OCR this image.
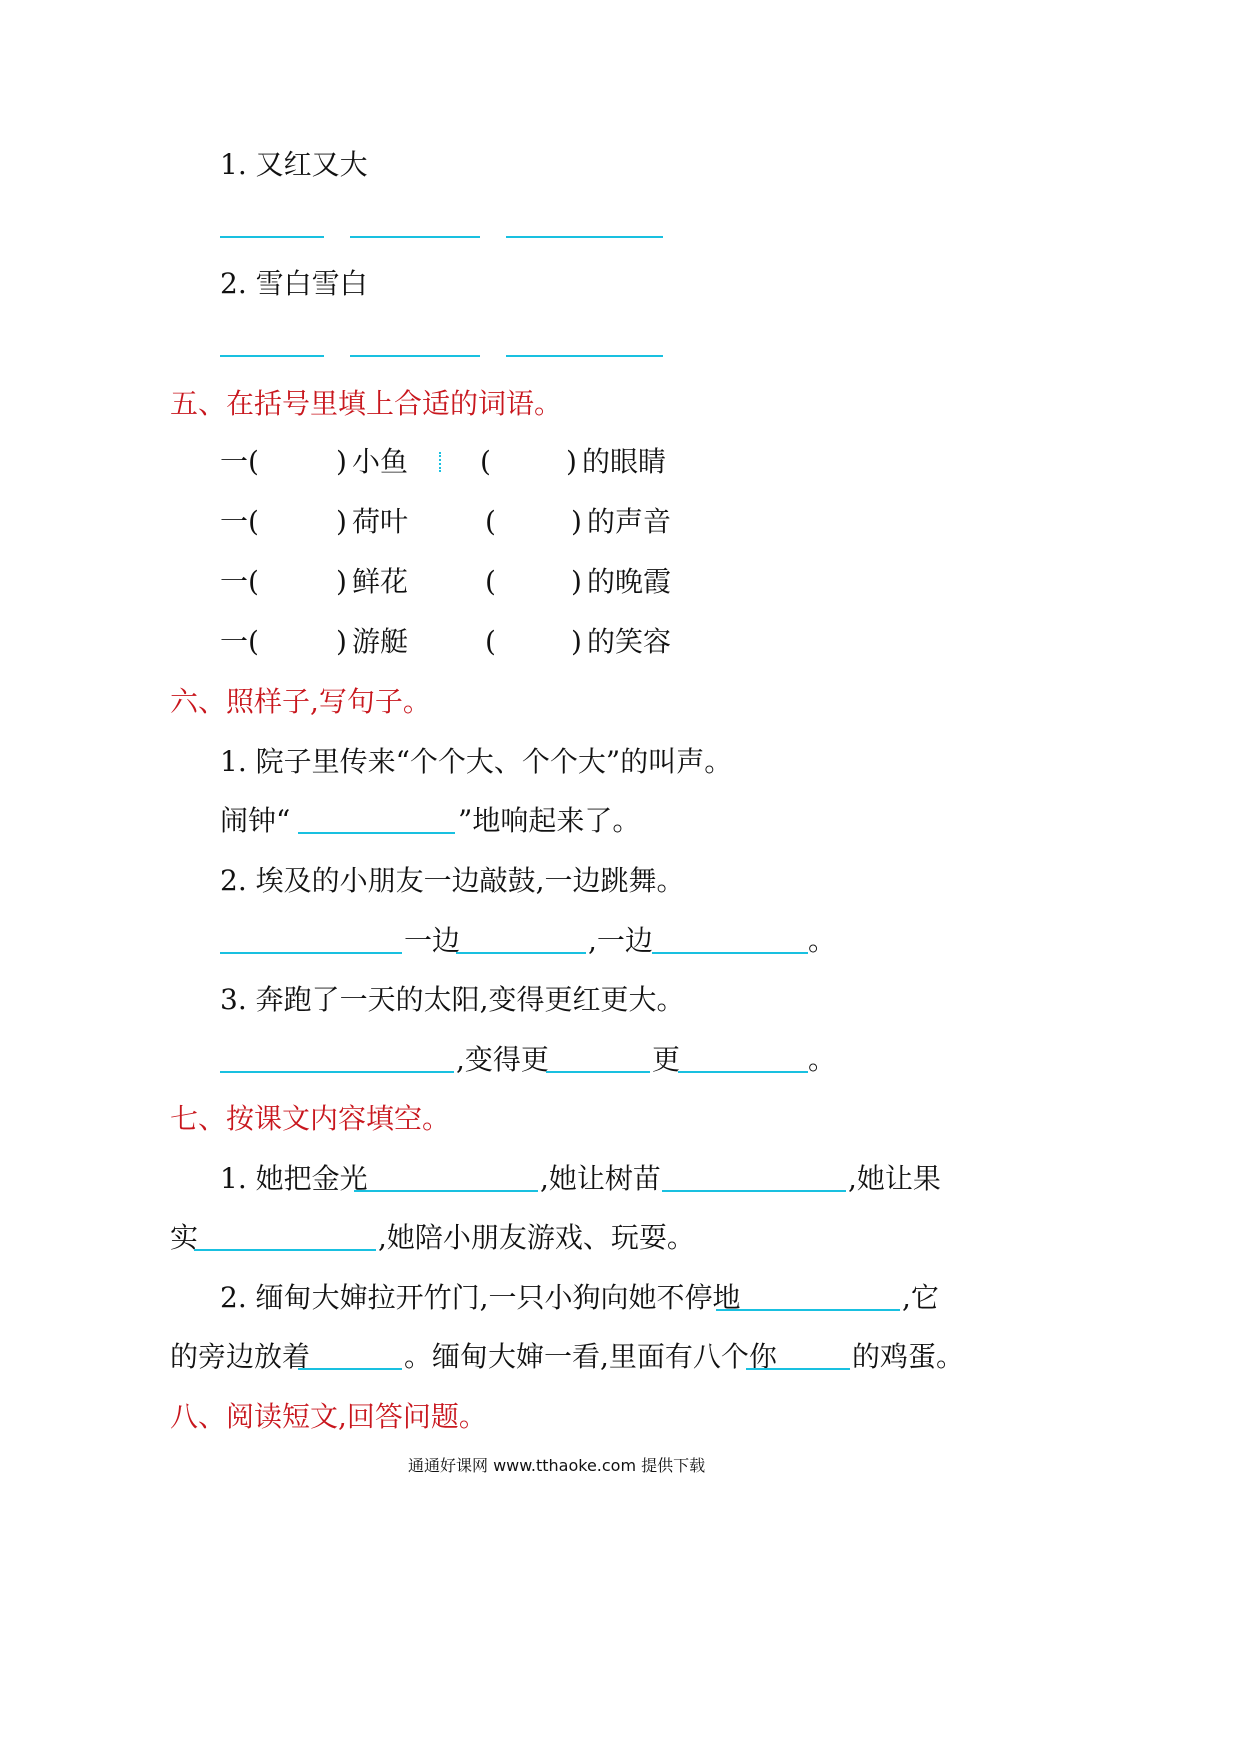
1. 又红又大
2. 雪白雪白
五、在括号里填上合适的词语。
一(	) 小鱼	(	) 的眼睛
一(	) 荷叶	(	) 的声音
一(	) 鲜花	(	) 的晚霞
一(	) 游艇	(	) 的笑容
六、照样子,写句子。
1. 院子里传来“个个大、个个大”的叫声。
闹钟“	”地响起来了。
2. 埃及的小朋友一边敲鼓,一边跳舞。
一边	,一边	。
3. 奔跑了一天的太阳,变得更红更大。
,变得更	更	。
七、按课文内容填空。
1. 她把金光	,她让树苗	,她让果
实	,她陪小朋友游戏、玩耍。
2. 缅甸大婶拉开竹门,一只小狗向她不停地	,它
的旁边放着	。缅甸大婶一看,里面有八个你	的鸡蛋。
八、阅读短文,回答问题。
通通好课网 www.tthaoke.com 提供下载
